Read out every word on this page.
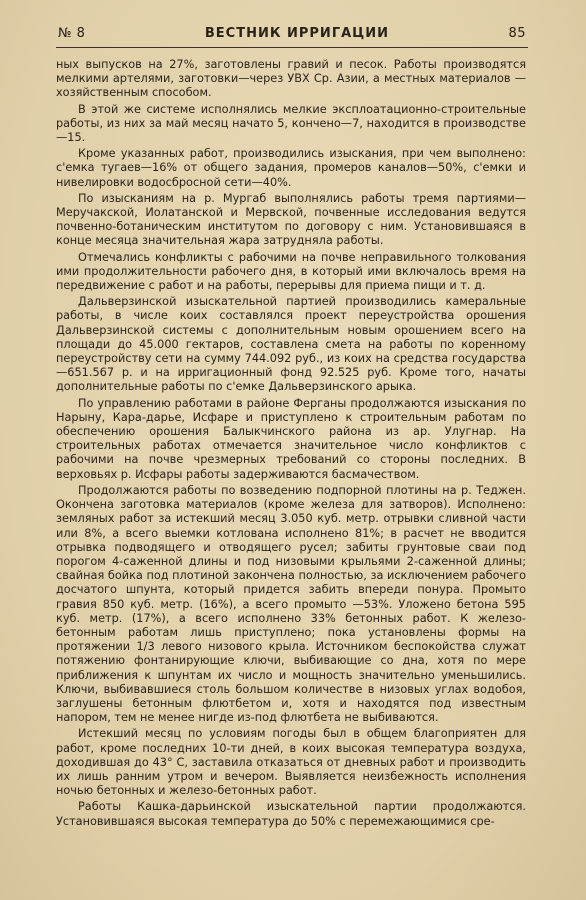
№ 8	ВЕСТНИК ИРРИГАЦИИ	85

ных выпусков на 27%, заготовлены гравий и песок. Работы производятся мелкими артелями, заготовки—через УВХ Ср. Азии, а местных материалов —хозяйственным способом.

В этой же системе исполнялись мелкие эксплоатационно-строительные работы, из них за май месяц начато 5, кончено—7, находится в производстве—15.

Кроме указанных работ, производились изыскания, при чем выполнено: с'емка тугаев—16% от общего задания, промеров каналов—50%, с'емки и нивелировки водосбросной сети—40%.

По изысканиям на р. Мургаб выполнялись работы тремя партиями—Меручакской, Иолатанской и Мервской, почвенные исследования ведутся почвенно-ботаническим институтом по договору с ним. Установившаяся в конце месяца значительная жара затрудняла работы.

Отмечались конфликты с рабочими на почве неправильного толкования ими продолжительности рабочего дня, в который ими включалось время на передвижение с работ и на работы, перерывы для приема пищи и т. д.

Дальверзинской изыскательной партией производились камеральные работы, в числе коих составлялся проект переустройства орошения Дальверзинской системы с дополнительным новым орошением всего на площади до 45.000 гектаров, составлена смета на работы по коренному переустройству сети на сумму 744.092 руб., из коих на средства государства—651.567 р. и на ирригационный фонд 92.525 руб. Кроме того, начаты дополнительные работы по с'емке Дальверзинского арыка.

По управлению работами в районе Ферганы продолжаются изыскания по Нарыну, Кара-дарье, Исфаре и приступлено к строительным работам по обеспечению орошения Балыкчинского района из ар. Улугнар. На строительных работах отмечается значительное число конфликтов с рабочими на почве чрезмерных требований со стороны последних. В верховьях р. Исфары работы задерживаются басмачеством.

Продолжаются работы по возведению подпорной плотины на р. Теджен. Окончена заготовка материалов (кроме железа для затворов). Исполнено: земляных работ за истекший месяц 3.050 куб. метр. отрывки сливной части или 8%, а всего выемки котлована исполнено 81%; в расчет не вводится отрывка подводящего и отводящего русел; забиты грунтовые сваи под порогом 4-саженной длины и под низовыми крыльями 2-саженной длины; свайная бойка под плотиной закончена полностью, за исключением рабочего досчатого шпунта, который придется забить впереди понура. Промыто гравия 850 куб. метр. (16%), а всего промыто —53%. Уложено бетона 595 куб. метр. (17%), а всего исполнено 33% бетонных работ. К железо-бетонным работам лишь приступлено; пока установлены формы на протяжении 1/3 левого низового крыла. Источником беспокойства служат потяжению фонтанирующие ключи, выбивающие со дна, хотя по мере приближения к шпунтам их число и мощность значительно уменьшились. Ключи, выбивавшиеся столь большом количестве в низовых углах водобоя, заглушены бетонным флютбетом и, хотя и находятся под известным напором, тем не менее нигде из-под флютбета не выбиваются.

Истекший месяц по условиям погоды был в общем благоприятен для работ, кроме последних 10-ти дней, в коих высокая температура воздуха, доходившая до 43° С, заставила отказаться от дневных работ и производить их лишь ранним утром и вечером. Выявляется неизбежность исполнения ночью бетонных и железо-бетонных работ.

Работы Кашка-дарьинской изыскательной партии продолжаются. Установившаяся высокая температура до 50% с перемежающимися сре-
